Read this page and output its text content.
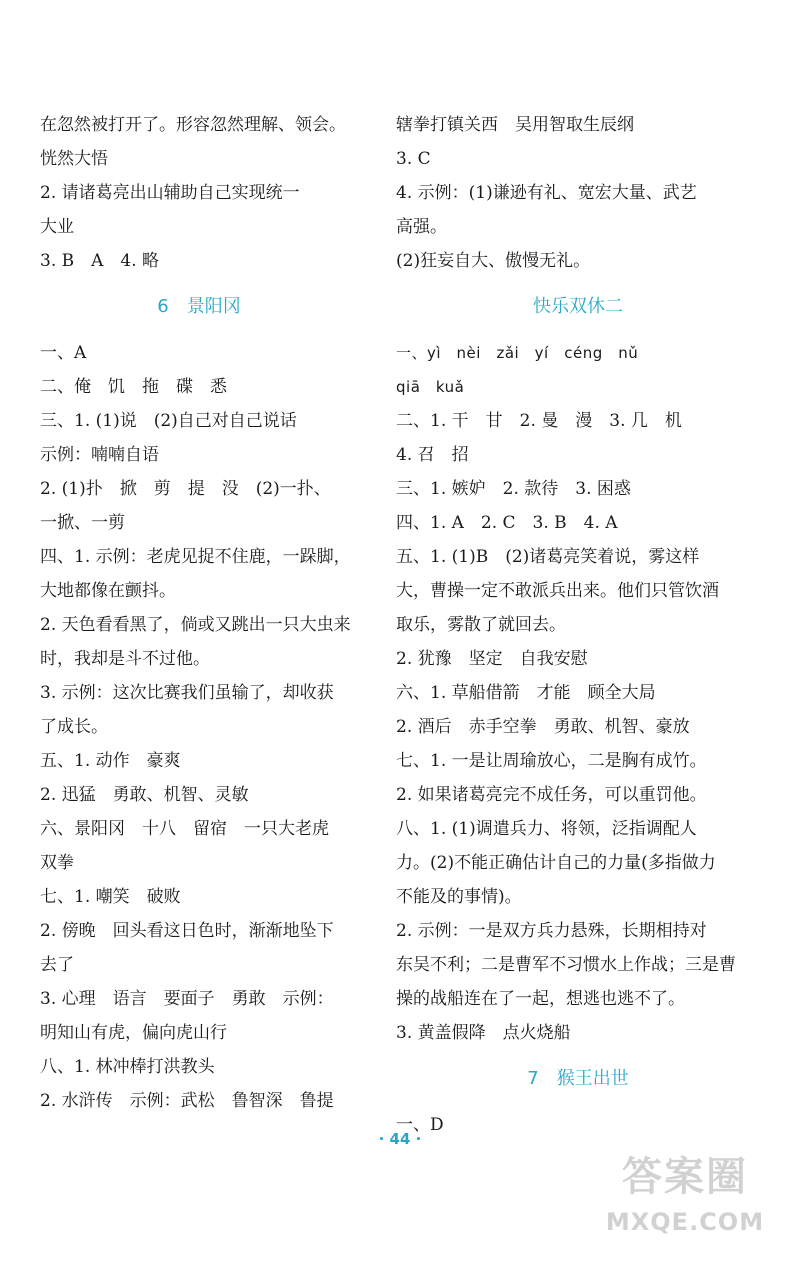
在忽然被打开了。形容忽然理解、领会。
恍然大悟
2. 请诸葛亮出山辅助自己实现统一
大业
3. B　A　4. 略
6　景阳冈
一、A
二、俺　饥　拖　碟　悉
三、1. (1)说　(2)自己对自己说话
示例：喃喃自语
2. (1)扑　掀　剪　提　没　(2)一扑、
一掀、一剪
四、1. 示例：老虎见捉不住鹿，一跺脚，
大地都像在颤抖。
2. 天色看看黑了，倘或又跳出一只大虫来
时，我却是斗不过他。
3. 示例：这次比赛我们虽输了，却收获
了成长。
五、1. 动作　豪爽
2. 迅猛　勇敢、机智、灵敏
六、景阳冈　十八　留宿　一只大老虎
双拳
七、1. 嘲笑　破败
2. 傍晚　回头看这日色时，渐渐地坠下
去了
3. 心理　语言　要面子　勇敢　示例：
明知山有虎，偏向虎山行
八、1. 林冲棒打洪教头
2. 水浒传　示例：武松　鲁智深　鲁提
辖拳打镇关西　吴用智取生辰纲
3. C
4. 示例：(1)谦逊有礼、宽宏大量、武艺
高强。
(2)狂妄自大、傲慢无礼。
快乐双休二
一、yì　nèi　zǎi　yí　céng　nǔ
qiā　kuǎ
二、1. 干　甘　2. 曼　漫　3. 几　机
4. 召　招
三、1. 嫉妒　2. 款待　3. 困惑
四、1. A　2. C　3. B　4. A
五、1. (1)B　(2)诸葛亮笑着说，雾这样
大，曹操一定不敢派兵出来。他们只管饮酒
取乐，雾散了就回去。
2. 犹豫　坚定　自我安慰
六、1. 草船借箭　才能　顾全大局
2. 酒后　赤手空拳　勇敢、机智、豪放
七、1. 一是让周瑜放心，二是胸有成竹。
2. 如果诸葛亮完不成任务，可以重罚他。
八、1. (1)调遣兵力、将领，泛指调配人
力。(2)不能正确估计自己的力量(多指做力
不能及的事情)。
2. 示例：一是双方兵力悬殊，长期相持对
东吴不利；二是曹军不习惯水上作战；三是曹
操的战船连在了一起，想逃也逃不了。
3. 黄盖假降　点火烧船
7　猴王出世
一、D
· 44 ·
答案圈
MXQE.COM
